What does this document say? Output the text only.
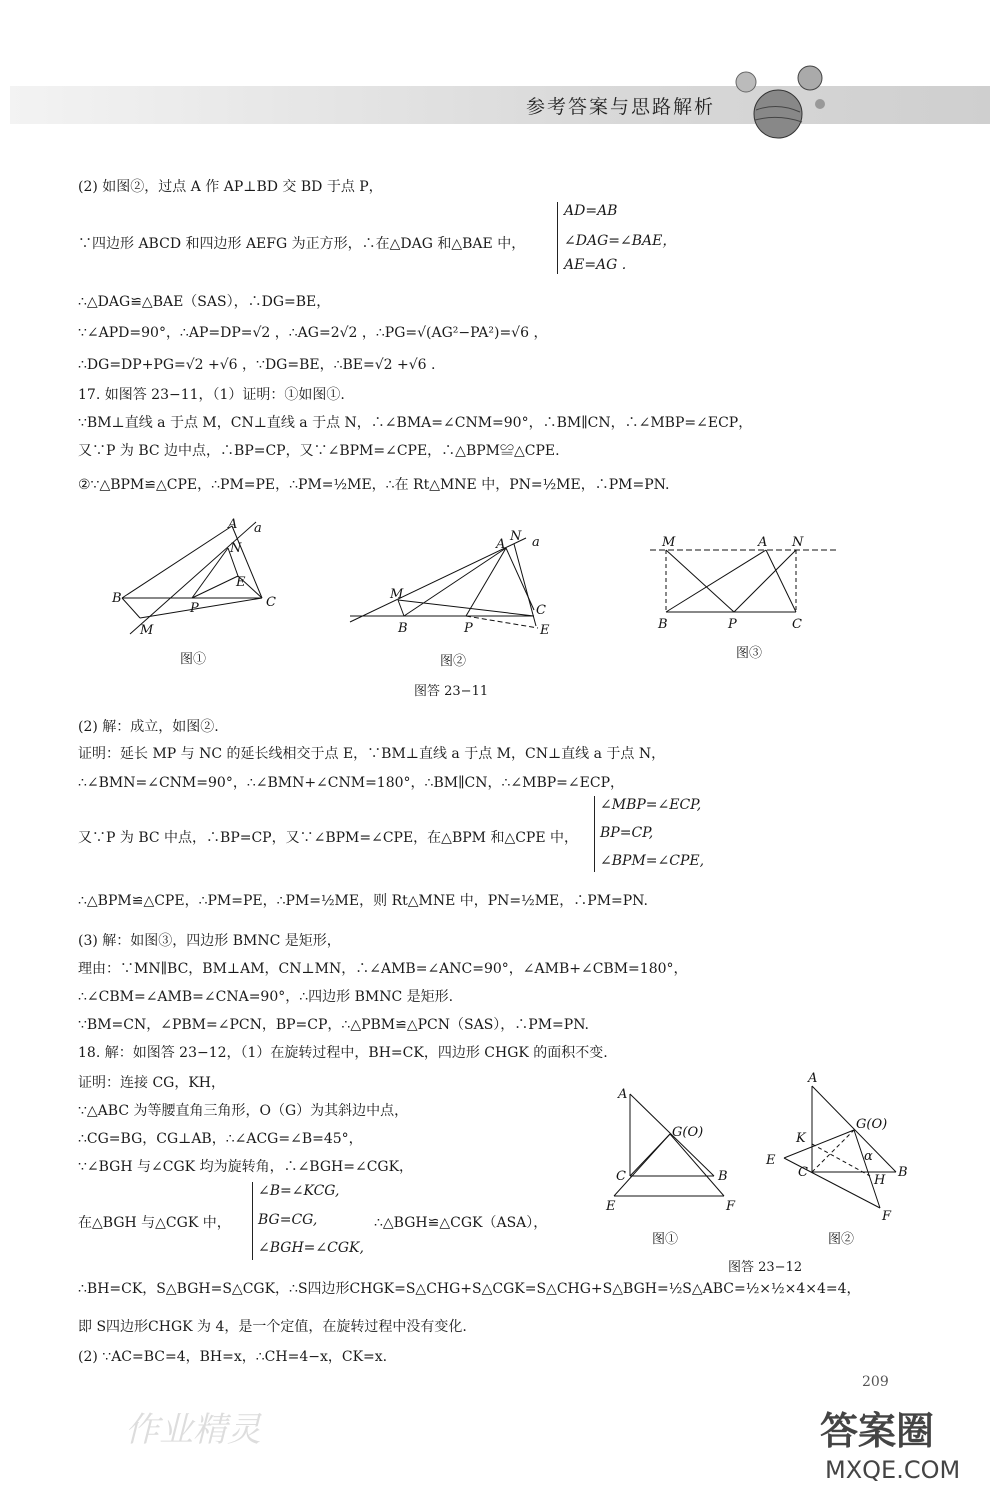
参考答案与思路解析
(2) 如图②，过点 A 作 AP⊥BD 交 BD 于点 P，
∵四边形 ABCD 和四边形 AEFG 为正方形，∴在△DAG 和△BAE 中，
AD=AB
∠DAG=∠BAE，
AE=AG .
∴△DAG≌△BAE（SAS），∴DG=BE，
∵∠APD=90°，∴AP=DP=√2 ，∴AG=2√2 ，∴PG=√(AG²−PA²)=√6 ，
∴DG=DP+PG=√2 +√6 ，∵DG=BE，∴BE=√2 +√6 .
17. 如图答 23−11，（1）证明：①如图①.
∵BM⊥直线 a 于点 M，CN⊥直线 a 于点 N，∴∠BMA=∠CNM=90°，∴BM∥CN，∴∠MBP=∠ECP，
又∵P 为 BC 边中点，∴BP=CP，又∵∠BPM=∠CPE，∴△BPM≌△CPE.
②∵△BPM≌△CPE，∴PM=PE，∴PM=½ME，∴在 Rt△MNE 中，PN=½ME，∴PM=PN.
A a
N
E
B
P	C
M
图①
A
N a
M
B	P
C
E
图②
M	A N
B	P	C
图③
图答 23−11
(2) 解：成立，如图②.
证明：延长 MP 与 NC 的延长线相交于点 E，∵BM⊥直线 a 于点 M，CN⊥直线 a 于点 N，
∴∠BMN=∠CNM=90°，∴∠BMN+∠CNM=180°，∴BM∥CN，∴∠MBP=∠ECP，
又∵P 为 BC 中点，∴BP=CP，又∵∠BPM=∠CPE，在△BPM 和△CPE 中，
∠MBP=∠ECP,
BP=CP,
∠BPM=∠CPE,
∴△BPM≌△CPE，∴PM=PE，∴PM=½ME，则 Rt△MNE 中，PN=½ME，∴PM=PN.
(3) 解：如图③，四边形 BMNC 是矩形，
理由：∵MN∥BC，BM⊥AM，CN⊥MN，∴∠AMB=∠ANC=90°，∠AMB+∠CBM=180°，
∴∠CBM=∠AMB=∠CNA=90°，∴四边形 BMNC 是矩形.
∵BM=CN，∠PBM=∠PCN，BP=CP，∴△PBM≌△PCN（SAS），∴PM=PN.
18. 解：如图答 23−12，（1）在旋转过程中，BH=CK，四边形 CHGK 的面积不变.
证明：连接 CG，KH，
∵△ABC 为等腰直角三角形，O（G）为其斜边中点，
∴CG=BG，CG⊥AB，∴∠ACG=∠B=45°，
∵∠BGH 与∠CGK 均为旋转角，∴∠BGH=∠CGK，
在△BGH 与△CGK 中，
∠B=∠KCG,
BG=CG,
∠BGH=∠CGK,
∴△BGH≌△CGK（ASA），
∴BH=CK，S△BGH=S△CGK，∴S四边形CHGK=S△CHG+S△CGK=S△CHG+S△BGH=½S△ABC=½×½×4×4=4，
即 S四边形CHGK 为 4，是一个定值，在旋转过程中没有变化.
(2) ∵AC=BC=4，BH=x，∴CH=4−x，CK=x.
A
G(O)
C	B
E	F
图①
A
G(O)
K
α
E
C
H
B
F
图②
图答 23−12
209
作业精灵	答案圈
MXQE.COM
